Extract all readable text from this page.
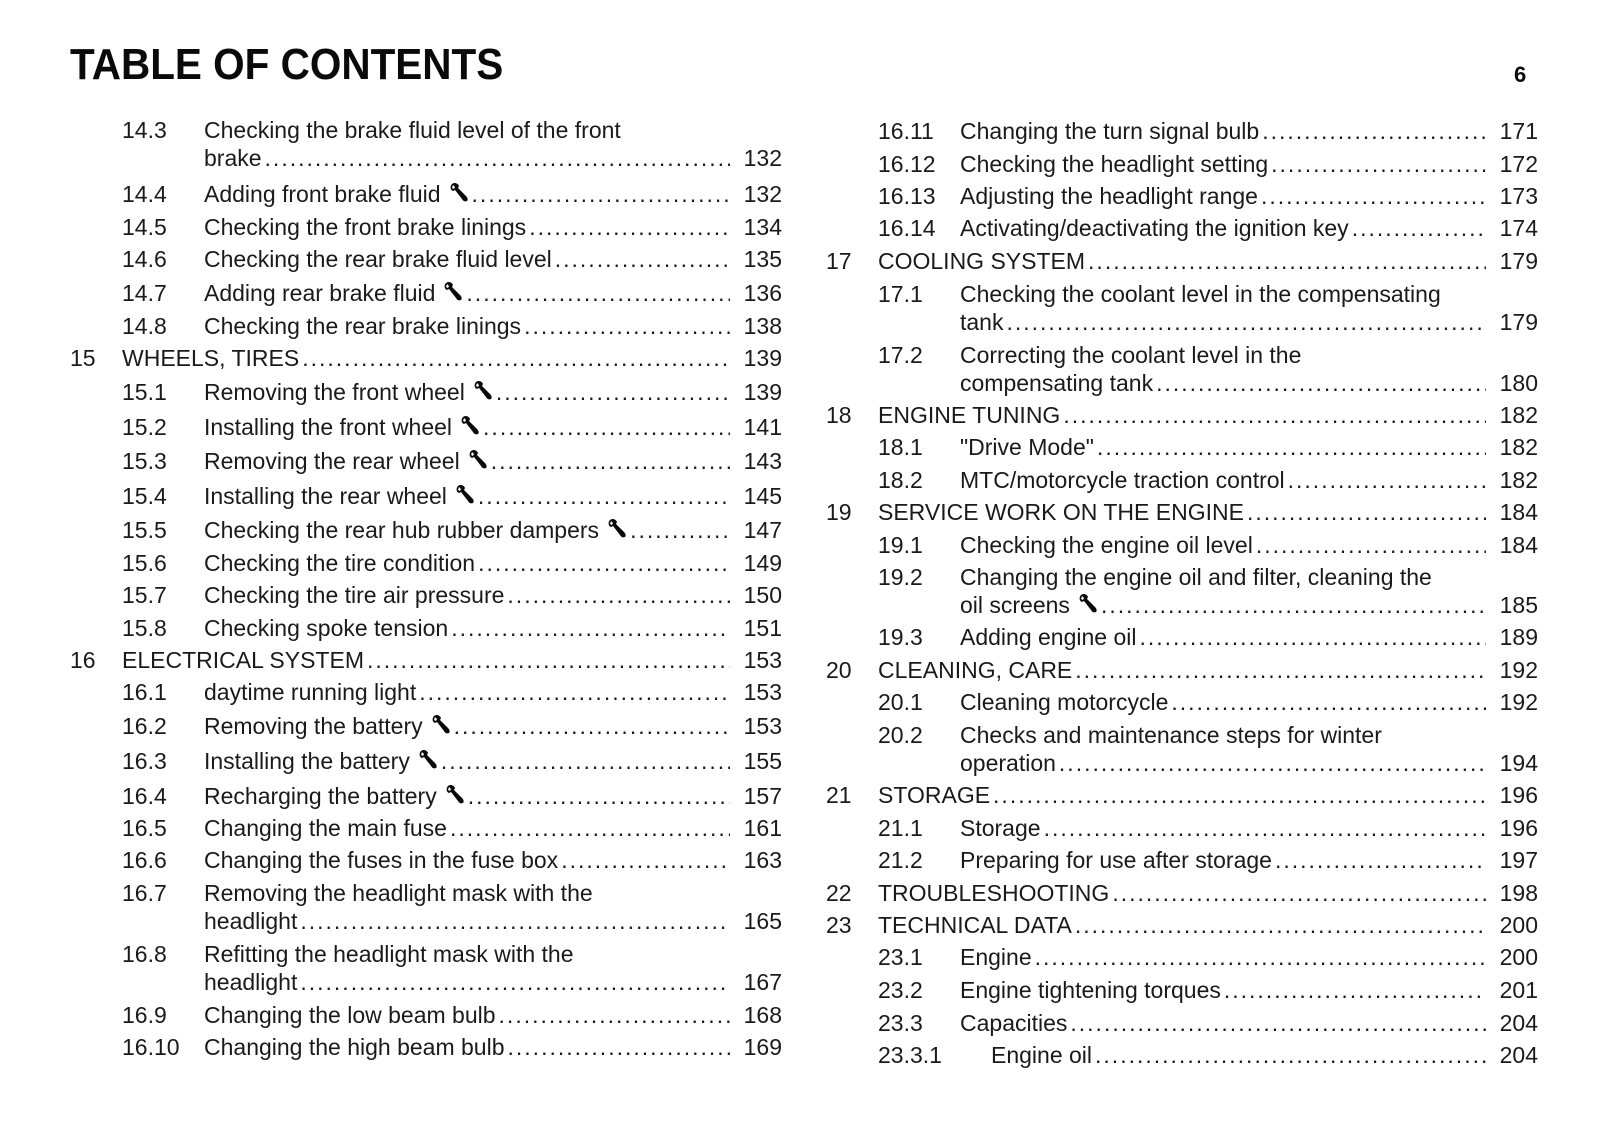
TABLE OF CONTENTS	6
14.3 Checking the brake fluid level of the front
brake .....	132
14.4 Adding front brake fluid .....	132
14.5 Checking the front brake linings .....	134
14.6 Checking the rear brake fluid level .....	135
14.7 Adding rear brake fluid .....	136
14.8 Checking the rear brake linings .....	138
15 WHEELS, TIRES .....	139
15.1 Removing the front wheel .....	139
15.2 Installing the front wheel .....	141
15.3 Removing the rear wheel .....	143
15.4 Installing the rear wheel .....	145
15.5 Checking the rear hub rubber dampers .....	147
15.6 Checking the tire condition .....	149
15.7 Checking the tire air pressure .....	150
15.8 Checking spoke tension .....	151
16 ELECTRICAL SYSTEM .....	153
16.1 daytime running light .....	153
16.2 Removing the battery .....	153
16.3 Installing the battery .....	155
16.4 Recharging the battery .....	157
16.5 Changing the main fuse .....	161
16.6 Changing the fuses in the fuse box .....	163
16.7 Removing the headlight mask with the
headlight .....	165
16.8 Refitting the headlight mask with the
headlight .....	167
16.9 Changing the low beam bulb .....	168
16.10 Changing the high beam bulb .....	169
16.11 Changing the turn signal bulb .....	171
16.12 Checking the headlight setting .....	172
16.13 Adjusting the headlight range .....	173
16.14 Activating/deactivating the ignition key .....	174
17 COOLING SYSTEM .....	179
17.1 Checking the coolant level in the compensating
tank .....	179
17.2 Correcting the coolant level in the
compensating tank .....	180
18 ENGINE TUNING .....	182
18.1 "Drive Mode" .....	182
18.2 MTC/motorcycle traction control .....	182
19 SERVICE WORK ON THE ENGINE .....	184
19.1 Checking the engine oil level .....	184
19.2 Changing the engine oil and filter, cleaning the
oil screens .....	185
19.3 Adding engine oil .....	189
20 CLEANING, CARE .....	192
20.1 Cleaning motorcycle .....	192
20.2 Checks and maintenance steps for winter
operation .....	194
21 STORAGE .....	196
21.1 Storage .....	196
21.2 Preparing for use after storage .....	197
22 TROUBLESHOOTING .....	198
23 TECHNICAL DATA .....	200
23.1 Engine .....	200
23.2 Engine tightening torques .....	201
23.3 Capacities .....	204
23.3.1 Engine oil .....	204
